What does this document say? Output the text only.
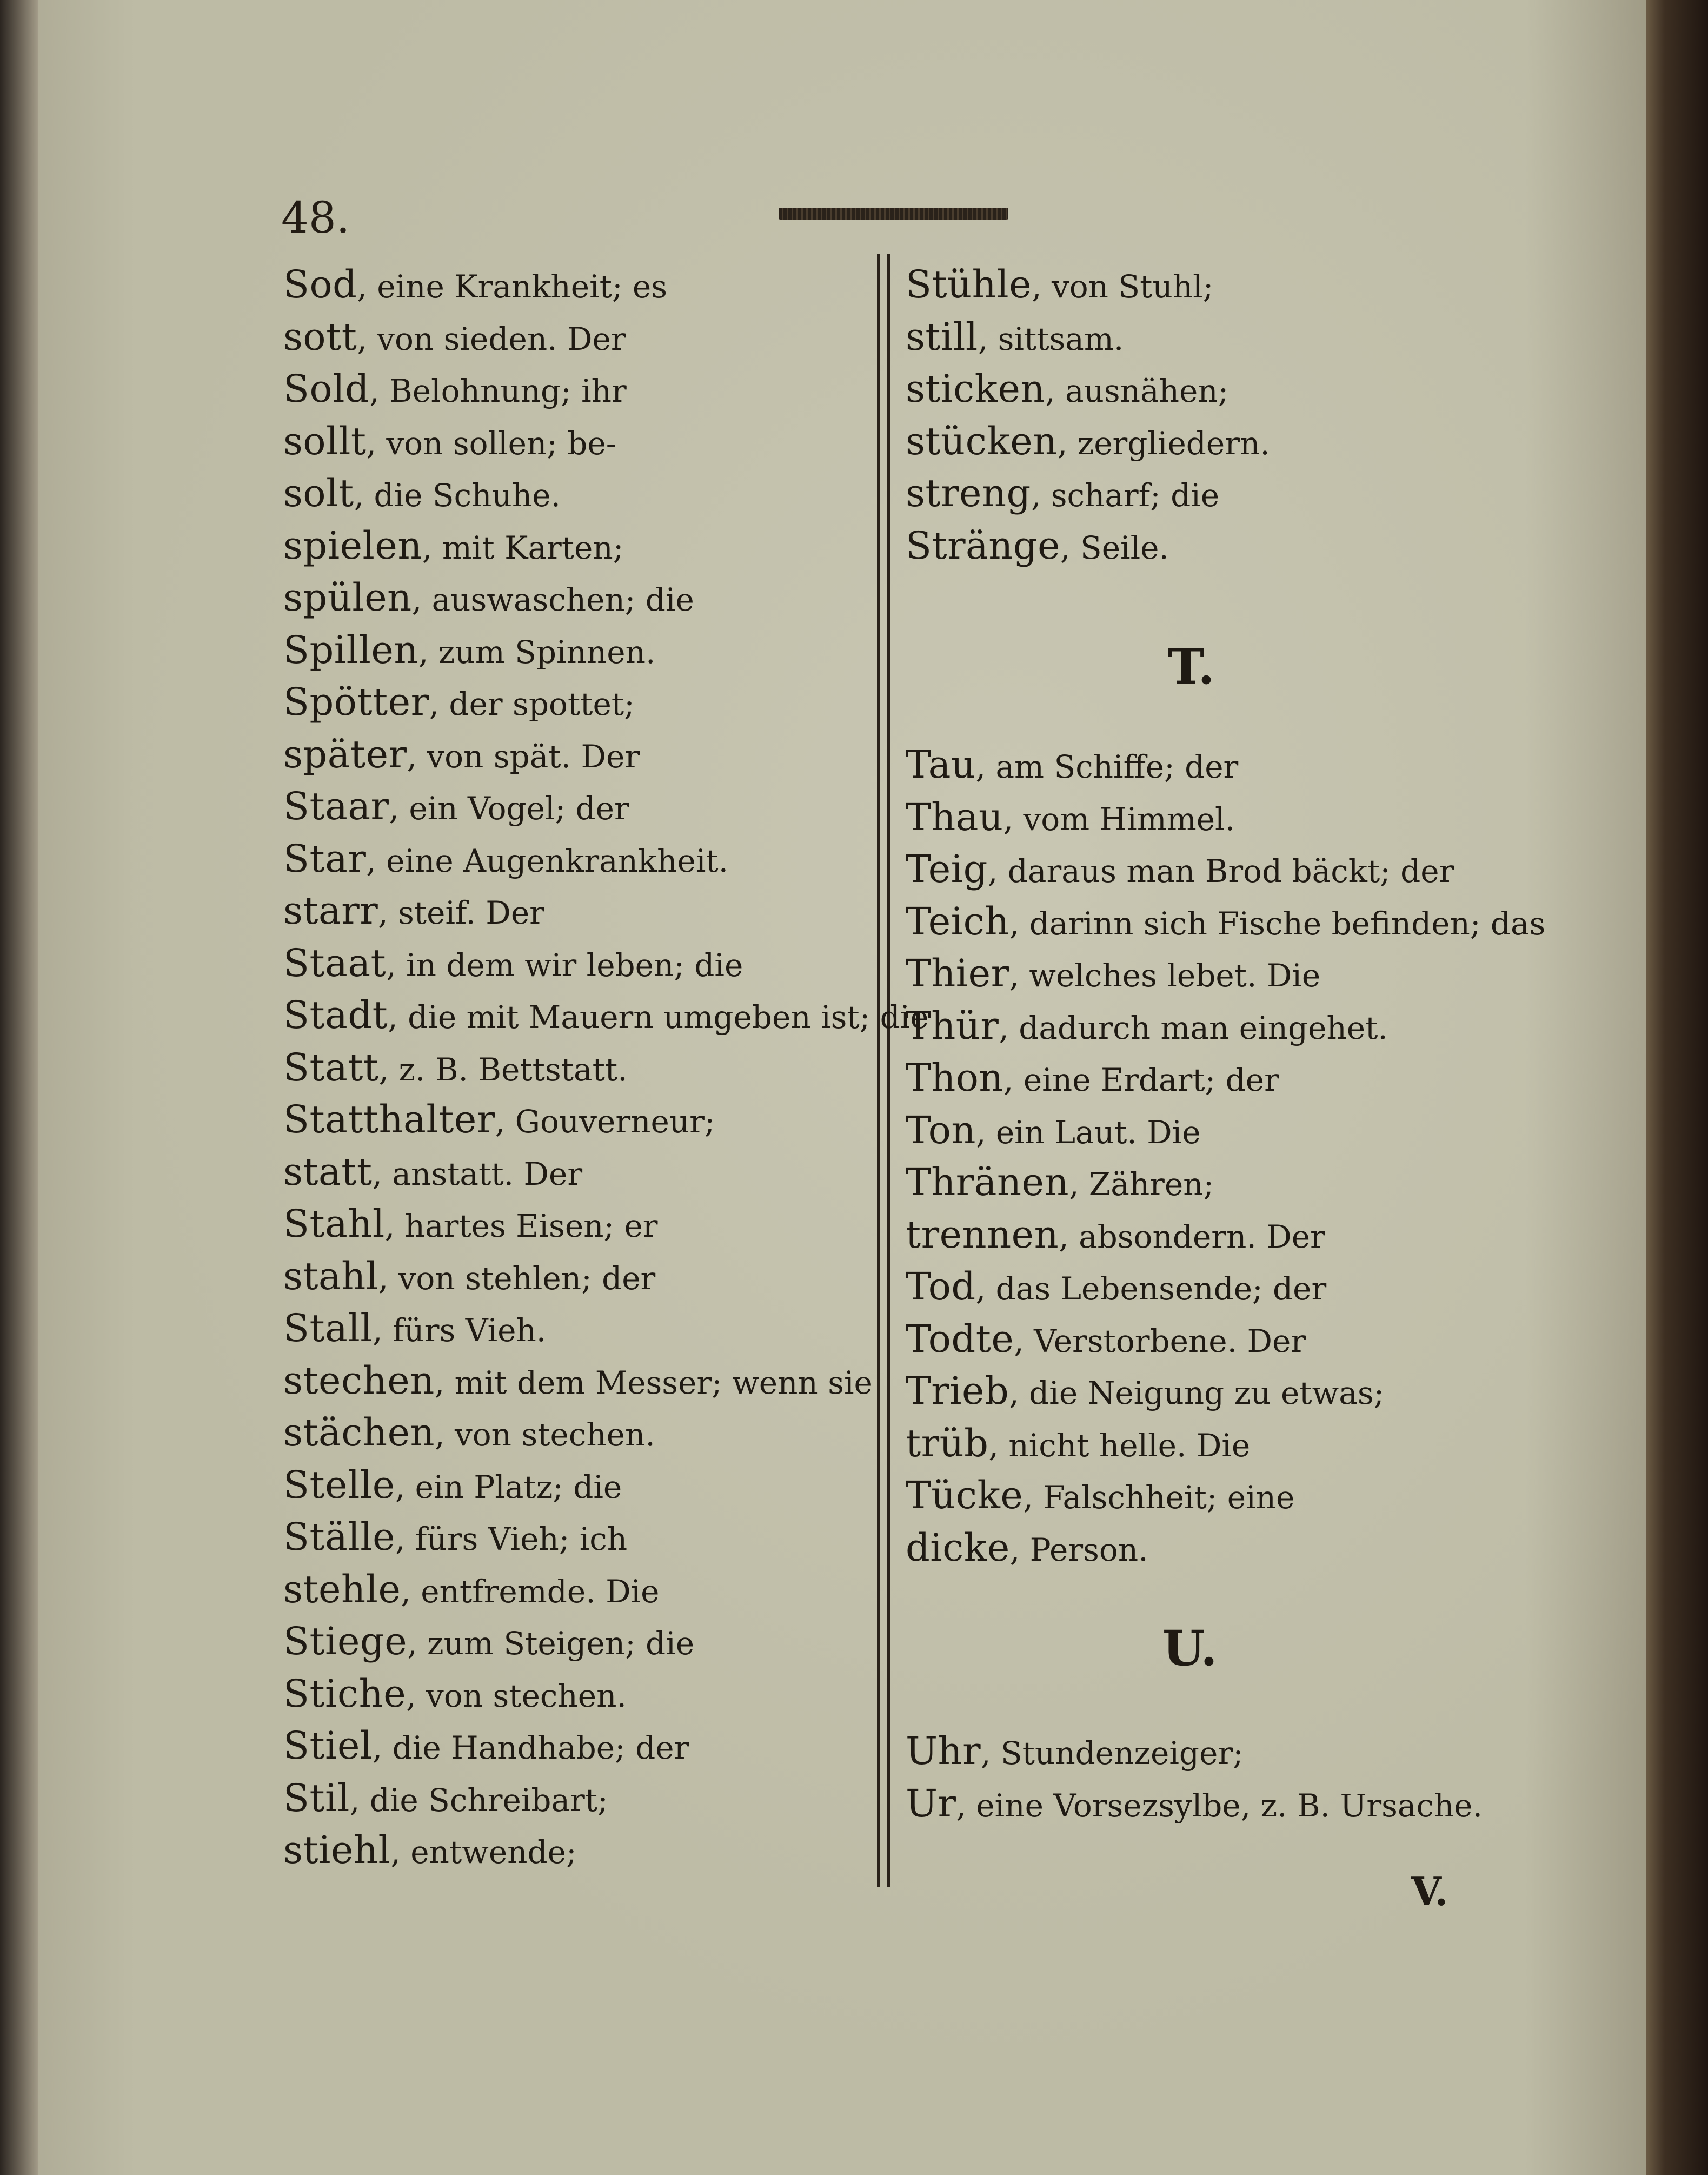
48.
Sod, eine Krankheit; es
sott, von sieden. Der
Sold, Belohnung; ihr
sollt, von sollen; be-
solt, die Schuhe.
spielen, mit Karten;
spülen, auswaschen; die
Spillen, zum Spinnen.
Spötter, der spottet;
später, von spät. Der
Staar, ein Vogel; der
Star, eine Augenkrankheit.
starr, steif. Der
Staat, in dem wir leben; die
Stadt, die mit Mauern umgeben ist; die
Statt, z. B. Bettstatt.
Statthalter, Gouverneur;
statt, anstatt. Der
Stahl, hartes Eisen; er
stahl, von stehlen; der
Stall, fürs Vieh.
stechen, mit dem Messer; wenn sie
stächen, von stechen.
Stelle, ein Platz; die
Ställe, fürs Vieh; ich
stehle, entfremde. Die
Stiege, zum Steigen; die
Stiche, von stechen.
Stiel, die Handhabe; der
Stil, die Schreibart;
stiehl, entwende;
Stühle, von Stuhl;
still, sittsam.
sticken, ausnähen;
stücken, zergliedern.
streng, scharf; die
Stränge, Seile.
T.
Tau, am Schiffe; der
Thau, vom Himmel.
Teig, daraus man Brod bäckt; der
Teich, darinn sich Fische befinden; das
Thier, welches lebet. Die
Thür, dadurch man eingehet.
Thon, eine Erdart; der
Ton, ein Laut. Die
Thränen, Zähren;
trennen, absondern. Der
Tod, das Lebensende; der
Todte, Verstorbene. Der
Trieb, die Neigung zu etwas;
trüb, nicht helle. Die
Tücke, Falschheit; eine
dicke, Person.
U.
Uhr, Stundenzeiger;
Ur, eine Vorsezsylbe, z. B. Ursache.
V.
